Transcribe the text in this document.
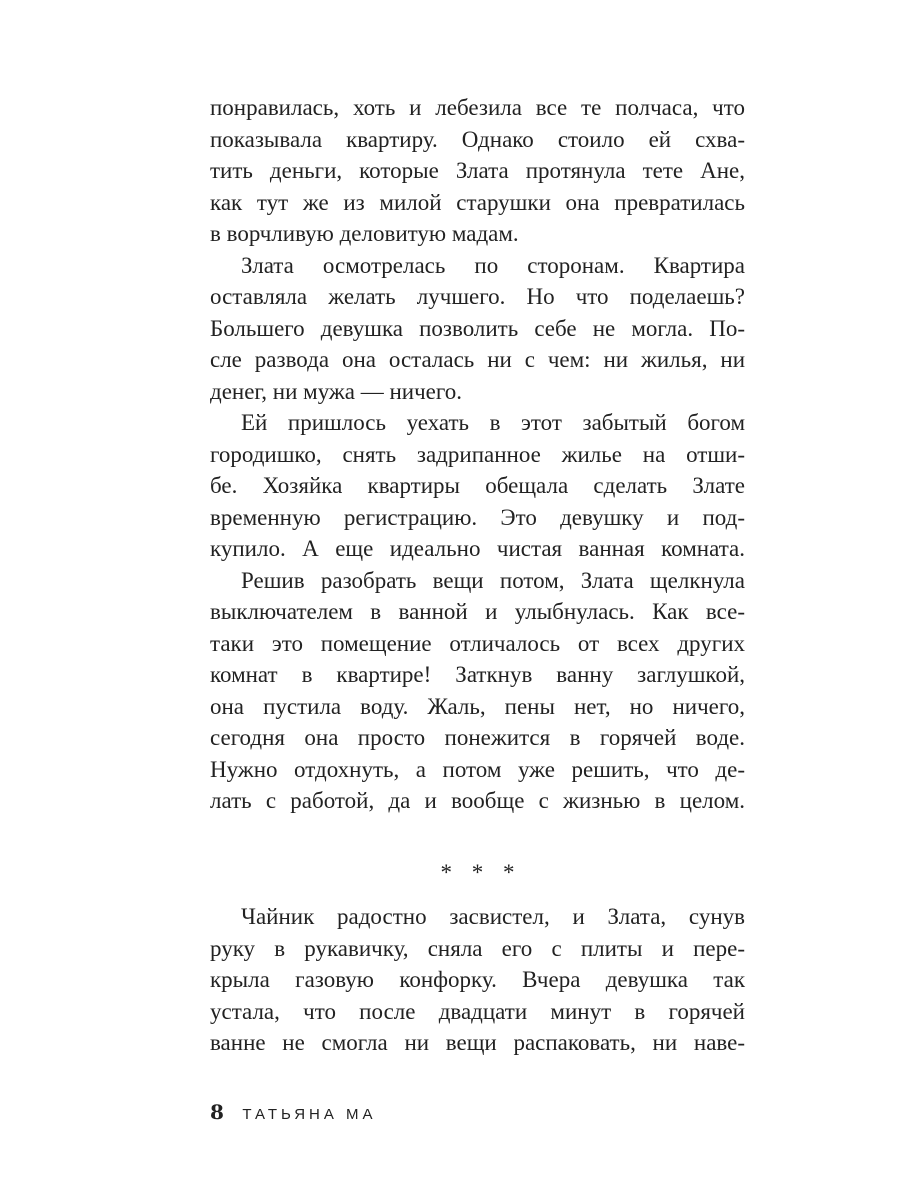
понравилась, хоть и лебезила все те полчаса, что
показывала квартиру. Однако стоило ей схва-
тить деньги, которые Злата протянула тете Ане,
как тут же из милой старушки она превратилась
в ворчливую деловитую мадам.
Злата осмотрелась по сторонам. Квартира
оставляла желать лучшего. Но что поделаешь?
Большего девушка позволить себе не могла. По-
сле развода она осталась ни с чем: ни жилья, ни
денег, ни мужа — ничего.
Ей пришлось уехать в этот забытый богом
городишко, снять задрипанное жилье на отши-
бе. Хозяйка квартиры обещала сделать Злате
временную регистрацию. Это девушку и под-
купило. А еще идеально чистая ванная комната.
Решив разобрать вещи потом, Злата щелкнула
выключателем в ванной и улыбнулась. Как все-
таки это помещение отличалось от всех других
комнат в квартире! Заткнув ванну заглушкой,
она пустила воду. Жаль, пены нет, но ничего,
сегодня она просто понежится в горячей воде.
Нужно отдохнуть, а потом уже решить, что де-
лать с работой, да и вообще с жизнью в целом.
* * *
Чайник радостно засвистел, и Злата, сунув
руку в рукавичку, сняла его с плиты и пере-
крыла газовую конфорку. Вчера девушка так
устала, что после двадцати минут в горячей
ванне не смогла ни вещи распаковать, ни наве-
8 ТАТЬЯНА МА
